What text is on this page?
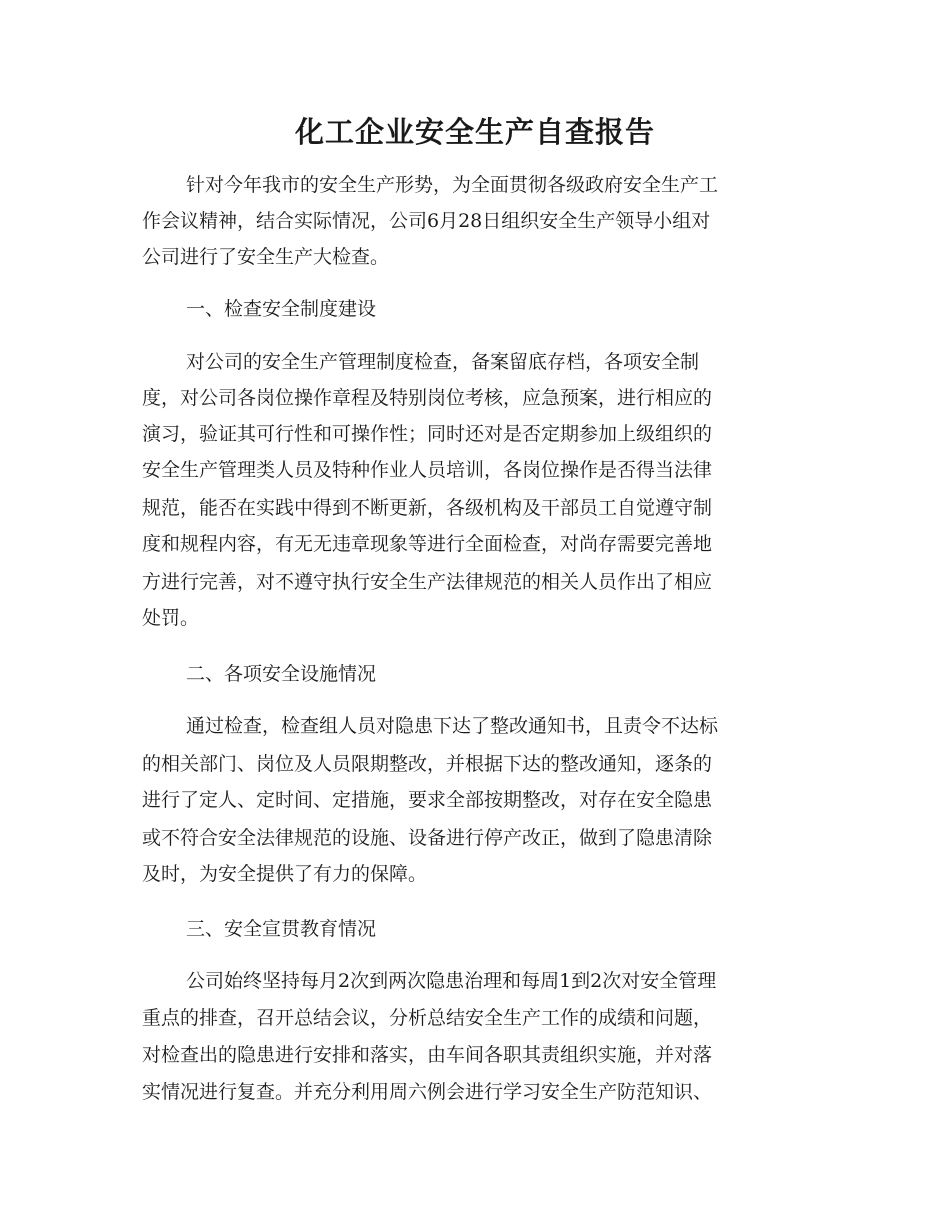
化工企业安全生产自查报告

针对今年我市的安全生产形势，为全面贯彻各级政府安全生产工

作会议精神，结合实际情况，公司6月28日组织安全生产领导小组对

公司进行了安全生产大检查。

一、检查安全制度建设

对公司的安全生产管理制度检查，备案留底存档，各项安全制

度，对公司各岗位操作章程及特别岗位考核，应急预案，进行相应的

演习，验证其可行性和可操作性；同时还对是否定期参加上级组织的

安全生产管理类人员及特种作业人员培训，各岗位操作是否得当法律

规范，能否在实践中得到不断更新，各级机构及干部员工自觉遵守制

度和规程内容，有无无违章现象等进行全面检查，对尚存需要完善地

方进行完善，对不遵守执行安全生产法律规范的相关人员作出了相应

处罚。

二、各项安全设施情况

通过检查，检查组人员对隐患下达了整改通知书，且责令不达标

的相关部门、岗位及人员限期整改，并根据下达的整改通知，逐条的

进行了定人、定时间、定措施，要求全部按期整改，对存在安全隐患

或不符合安全法律规范的设施、设备进行停产改正，做到了隐患清除

及时，为安全提供了有力的保障。

三、安全宣贯教育情况

公司始终坚持每月2次到两次隐患治理和每周1到2次对安全管理

重点的排查，召开总结会议，分析总结安全生产工作的成绩和问题，

对检查出的隐患进行安排和落实，由车间各职其责组织实施，并对落

实情况进行复查。并充分利用周六例会进行学习安全生产防范知识、
